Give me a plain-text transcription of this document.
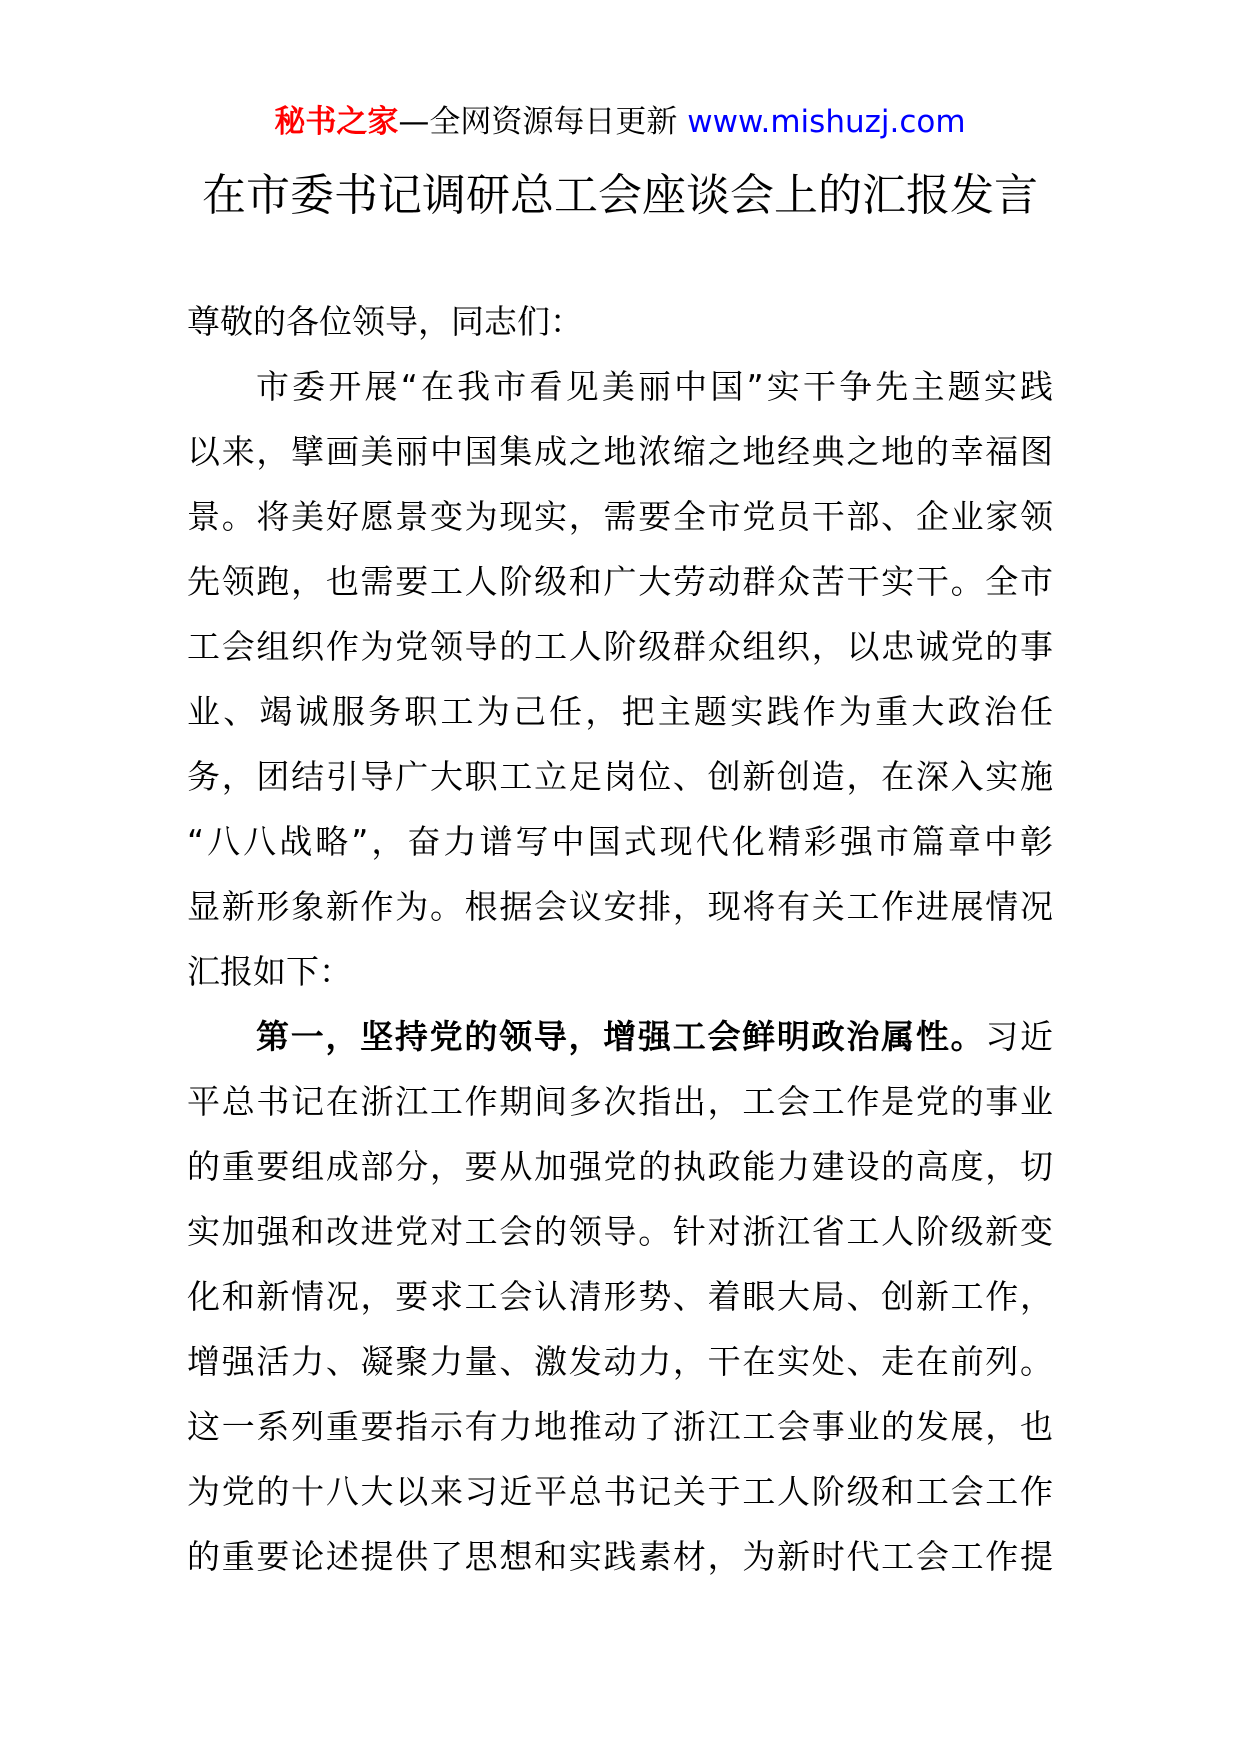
秘书之家—全网资源每日更新 www.mishuzj.com
在市委书记调研总工会座谈会上的汇报发言
尊敬的各位领导，同志们：
市委开展“在我市看见美丽中国”实干争先主题实践
以来，擘画美丽中国集成之地浓缩之地经典之地的幸福图
景。将美好愿景变为现实，需要全市党员干部、企业家领
先领跑，也需要工人阶级和广大劳动群众苦干实干。全市
工会组织作为党领导的工人阶级群众组织，以忠诚党的事
业、竭诚服务职工为己任，把主题实践作为重大政治任
务，团结引导广大职工立足岗位、创新创造，在深入实施
“八八战略”，奋力谱写中国式现代化精彩强市篇章中彰
显新形象新作为。根据会议安排，现将有关工作进展情况
汇报如下：
第一，坚持党的领导，增强工会鲜明政治属性。习近
平总书记在浙江工作期间多次指出，工会工作是党的事业
的重要组成部分，要从加强党的执政能力建设的高度，切
实加强和改进党对工会的领导。针对浙江省工人阶级新变
化和新情况，要求工会认清形势、着眼大局、创新工作，
增强活力、凝聚力量、激发动力，干在实处、走在前列。
这一系列重要指示有力地推动了浙江工会事业的发展，也
为党的十八大以来习近平总书记关于工人阶级和工会工作
的重要论述提供了思想和实践素材，为新时代工会工作提
